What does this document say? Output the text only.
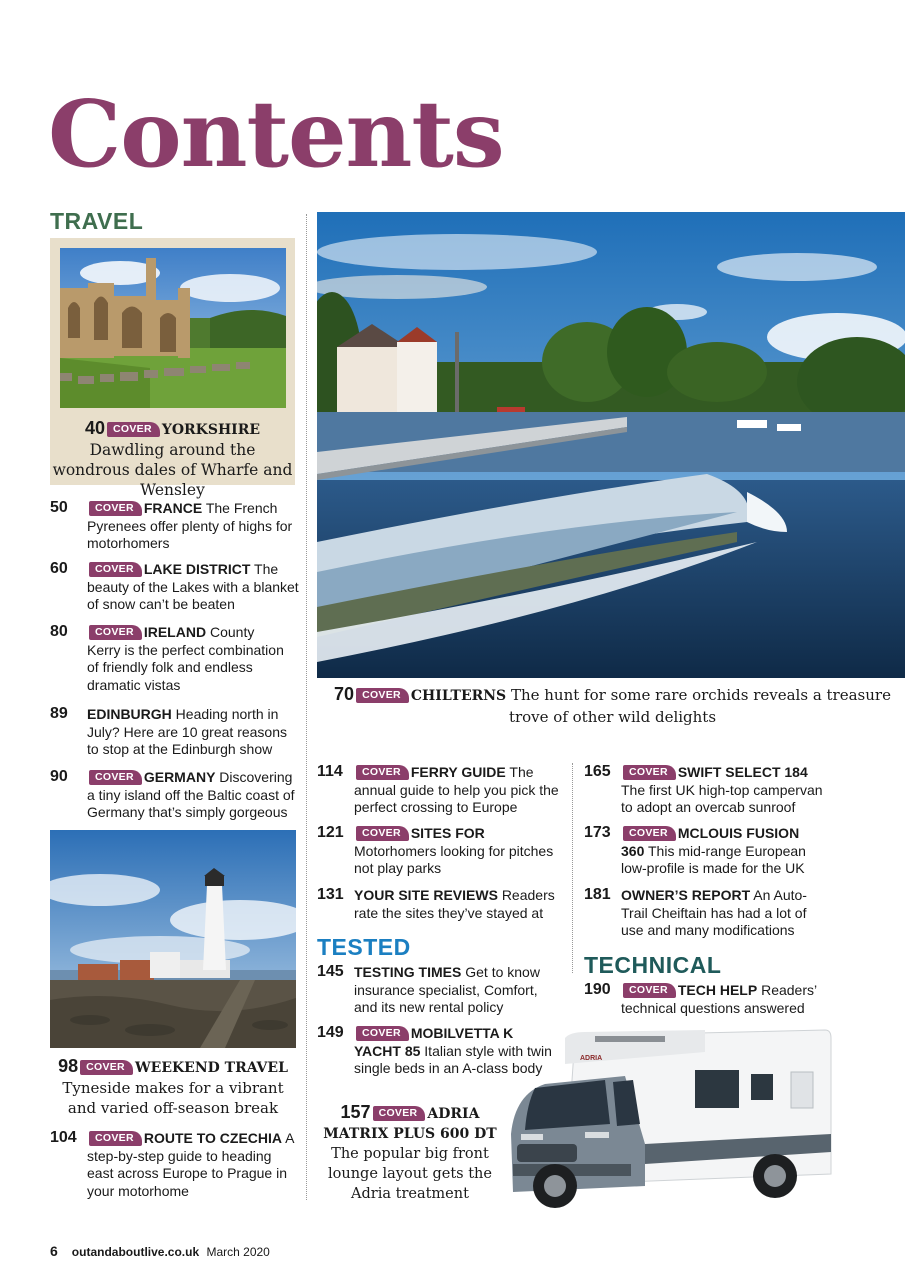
Contents
TRAVEL
TESTED
TECHNICAL
40 COVER YORKSHIRE
Dawdling around the wondrous dales of Wharfe and Wensley
50	COVER FRANCE The French Pyrenees offer plenty of highs for motorhomers
60	COVER LAKE DISTRICT The beauty of the Lakes with a blanket of snow can’t be beaten
80	COVER IRELAND County Kerry is the perfect combination of friendly folk and endless dramatic vistas
89 EDINBURGH Heading north in July? Here are 10 great reasons to stop at the Edinburgh show
90	COVER GERMANY Discovering a tiny island off the Baltic coast of Germany that’s simply gorgeous
98 COVER WEEKEND TRAVEL
Tyneside makes for a vibrant and varied off-season break
104	COVER ROUTE TO CZECHIA A step-by-step guide to heading east across Europe to Prague in your motorhome
70 COVER CHILTERNS The hunt for some rare orchids reveals a treasure trove of other wild delights
114	COVER FERRY GUIDE The annual guide to help you pick the perfect crossing to Europe
121	COVER SITES FOR Motorhomers looking for pitches not play parks
131 YOUR SITE REVIEWS Readers rate the sites they’ve stayed at
145 TESTING TIMES Get to know insurance specialist, Comfort, and its new rental policy
149	COVER MOBILVETTA K YACHT 85 Italian style with twin single beds in an A-class body
157 COVER ADRIA MATRIX PLUS 600 DT
The popular big front lounge layout gets the Adria treatment
165	COVER SWIFT SELECT 184 The first UK high-top campervan to adopt an overcab sunroof
173	COVER MCLOUIS FUSION 360 This mid-range European low-profile is made for the UK
181 OWNER’S REPORT An Auto-Trail Cheiftain has had a lot of use and many modifications
190	COVER TECH HELP Readers’ technical questions answered
ADRIA
6 outandaboutlive.co.uk March 2020
